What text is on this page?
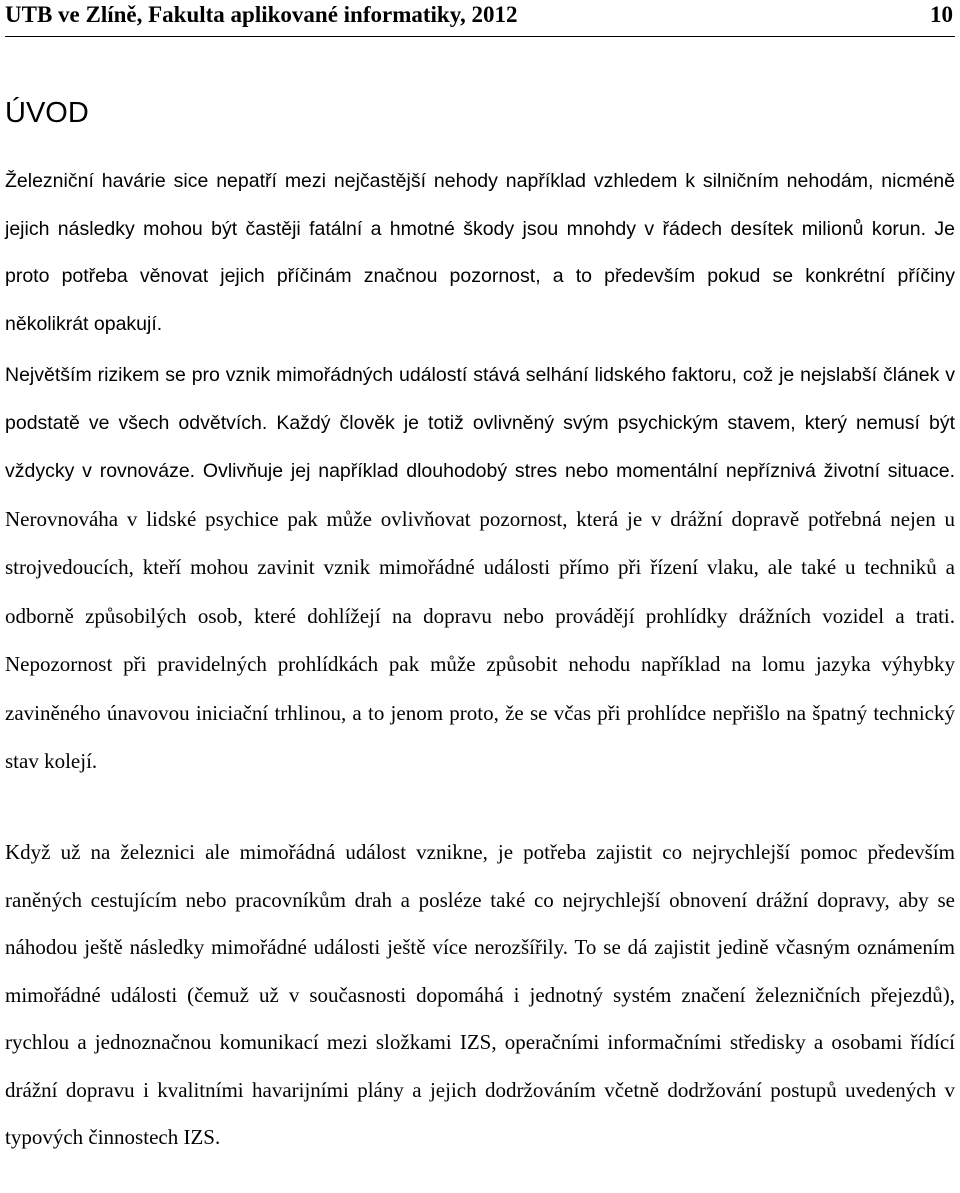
UTB ve Zlíně, Fakulta aplikované informatiky, 2012	10
ÚVOD

Železniční havárie sice nepatří mezi nejčastější nehody například vzhledem k silničním nehodám, nicméně jejich následky mohou být častěji fatální a hmotné škody jsou mnohdy v řádech desítek milionů korun. Je proto potřeba věnovat jejich příčinám značnou pozornost, a to především pokud se konkrétní příčiny několikrát opakují.

Největším rizikem se pro vznik mimořádných událostí stává selhání lidského faktoru, což je nejslabší článek v podstatě ve všech odvětvích. Každý člověk je totiž ovlivněný svým psychickým stavem, který nemusí být vždycky v rovnováze. Ovlivňuje jej například dlouhodobý stres nebo momentální nepříznivá životní situace. Nerovnováha v lidské psychice pak může ovlivňovat pozornost, která je v drážní dopravě potřebná nejen u strojvedoucích, kteří mohou zavinit vznik mimořádné události přímo při řízení vlaku, ale také u techniků a odborně způsobilých osob, které dohlížejí na dopravu nebo provádějí prohlídky drážních vozidel a trati. Nepozornost při pravidelných prohlídkách pak může způsobit nehodu například na lomu jazyka výhybky zaviněného únavovou iniciační trhlinou, a to jenom proto, že se včas při prohlídce nepřišlo na špatný technický stav kolejí.

Když už na železnici ale mimořádná událost vznikne, je potřeba zajistit co nejrychlejší pomoc především raněných cestujícím nebo pracovníkům drah a posléze také co nejrychlejší obnovení drážní dopravy, aby se náhodou ještě následky mimořádné události ještě více nerozšířily. To se dá zajistit jedině včasným oznámením mimořádné události (čemuž už v současnosti dopomáhá i jednotný systém značení železničních přejezdů), rychlou a jednoznačnou komunikací mezi složkami IZS, operačními informačními středisky a osobami řídící drážní dopravu i kvalitními havarijními plány a jejich dodržováním včetně dodržování postupů uvedených v typových činnostech IZS.
